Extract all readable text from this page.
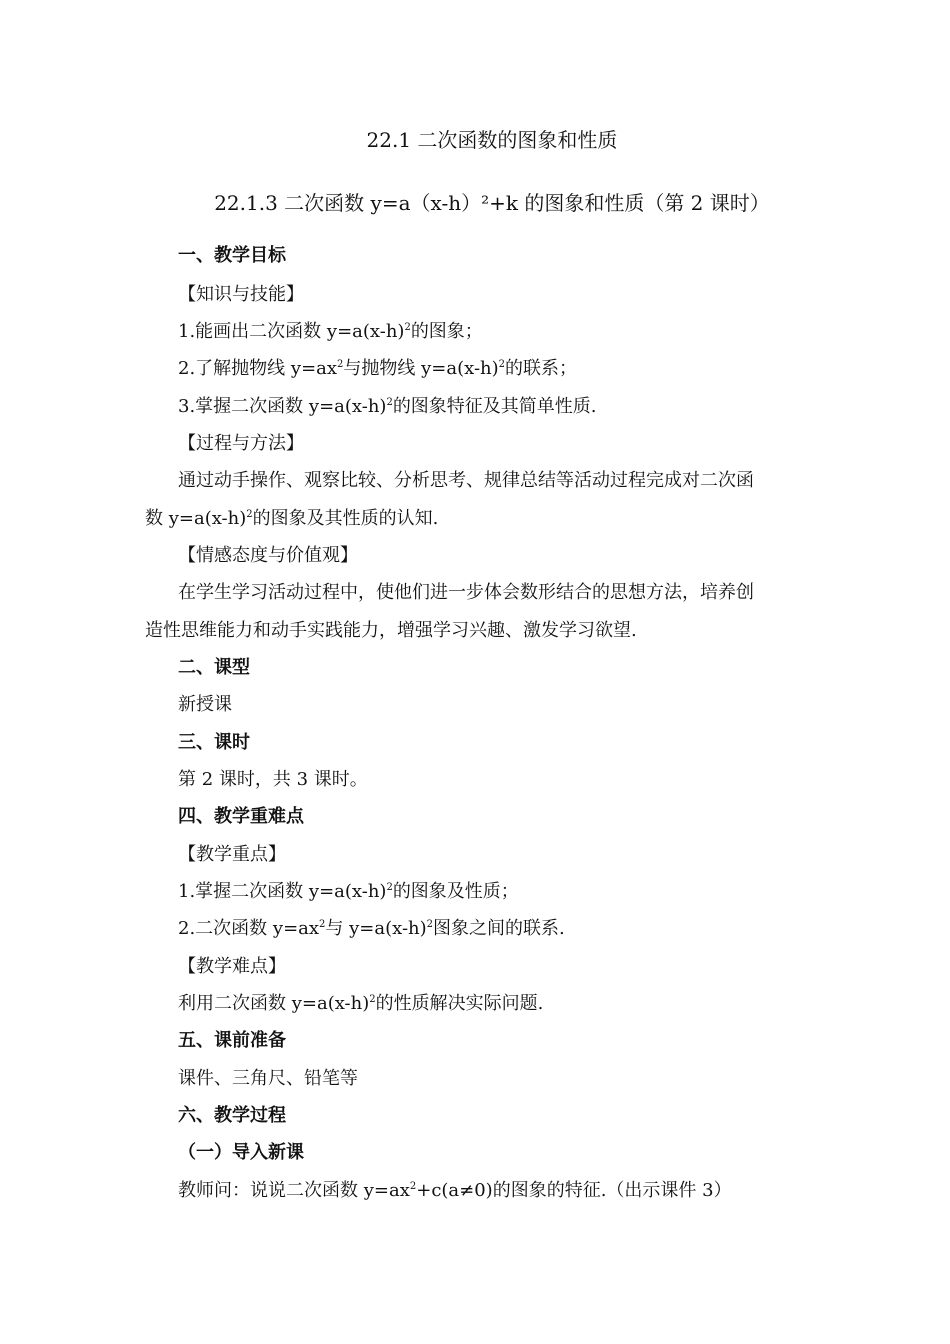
22.1 二次函数的图象和性质
22.1.3 二次函数 y=a（x-h）²+k 的图象和性质（第 2 课时）
一、教学目标
【知识与技能】
1.能画出二次函数 $y=a(x-h)^2$的图象；
2.了解抛物线 $y=ax^2$与抛物线 $y=a(x-h)^2$的联系；
3.掌握二次函数 $y=a(x-h)^2$的图象特征及其简单性质.
【过程与方法】
通过动手操作、观察比较、分析思考、规律总结等活动过程完成对二次函
数 $y=a(x-h)^2$的图象及其性质的认知.
【情感态度与价值观】
在学生学习活动过程中，使他们进一步体会数形结合的思想方法，培养创
造性思维能力和动手实践能力，增强学习兴趣、激发学习欲望.
二、课型
新授课
三、课时
第 2 课时，共 3 课时。
四、教学重难点
【教学重点】
1.掌握二次函数 $y=a(x-h)^2$的图象及性质；
2.二次函数 $y=ax^2$与 $y=a(x-h)^2$图象之间的联系.
【教学难点】
利用二次函数 $y=a(x-h)^2$的性质解决实际问题.
五、课前准备
课件、三角尺、铅笔等
六、教学过程
（一）导入新课
教师问：说说二次函数 $y=ax^2+c(a\ne 0)$的图象的特征.（出示课件 3）
